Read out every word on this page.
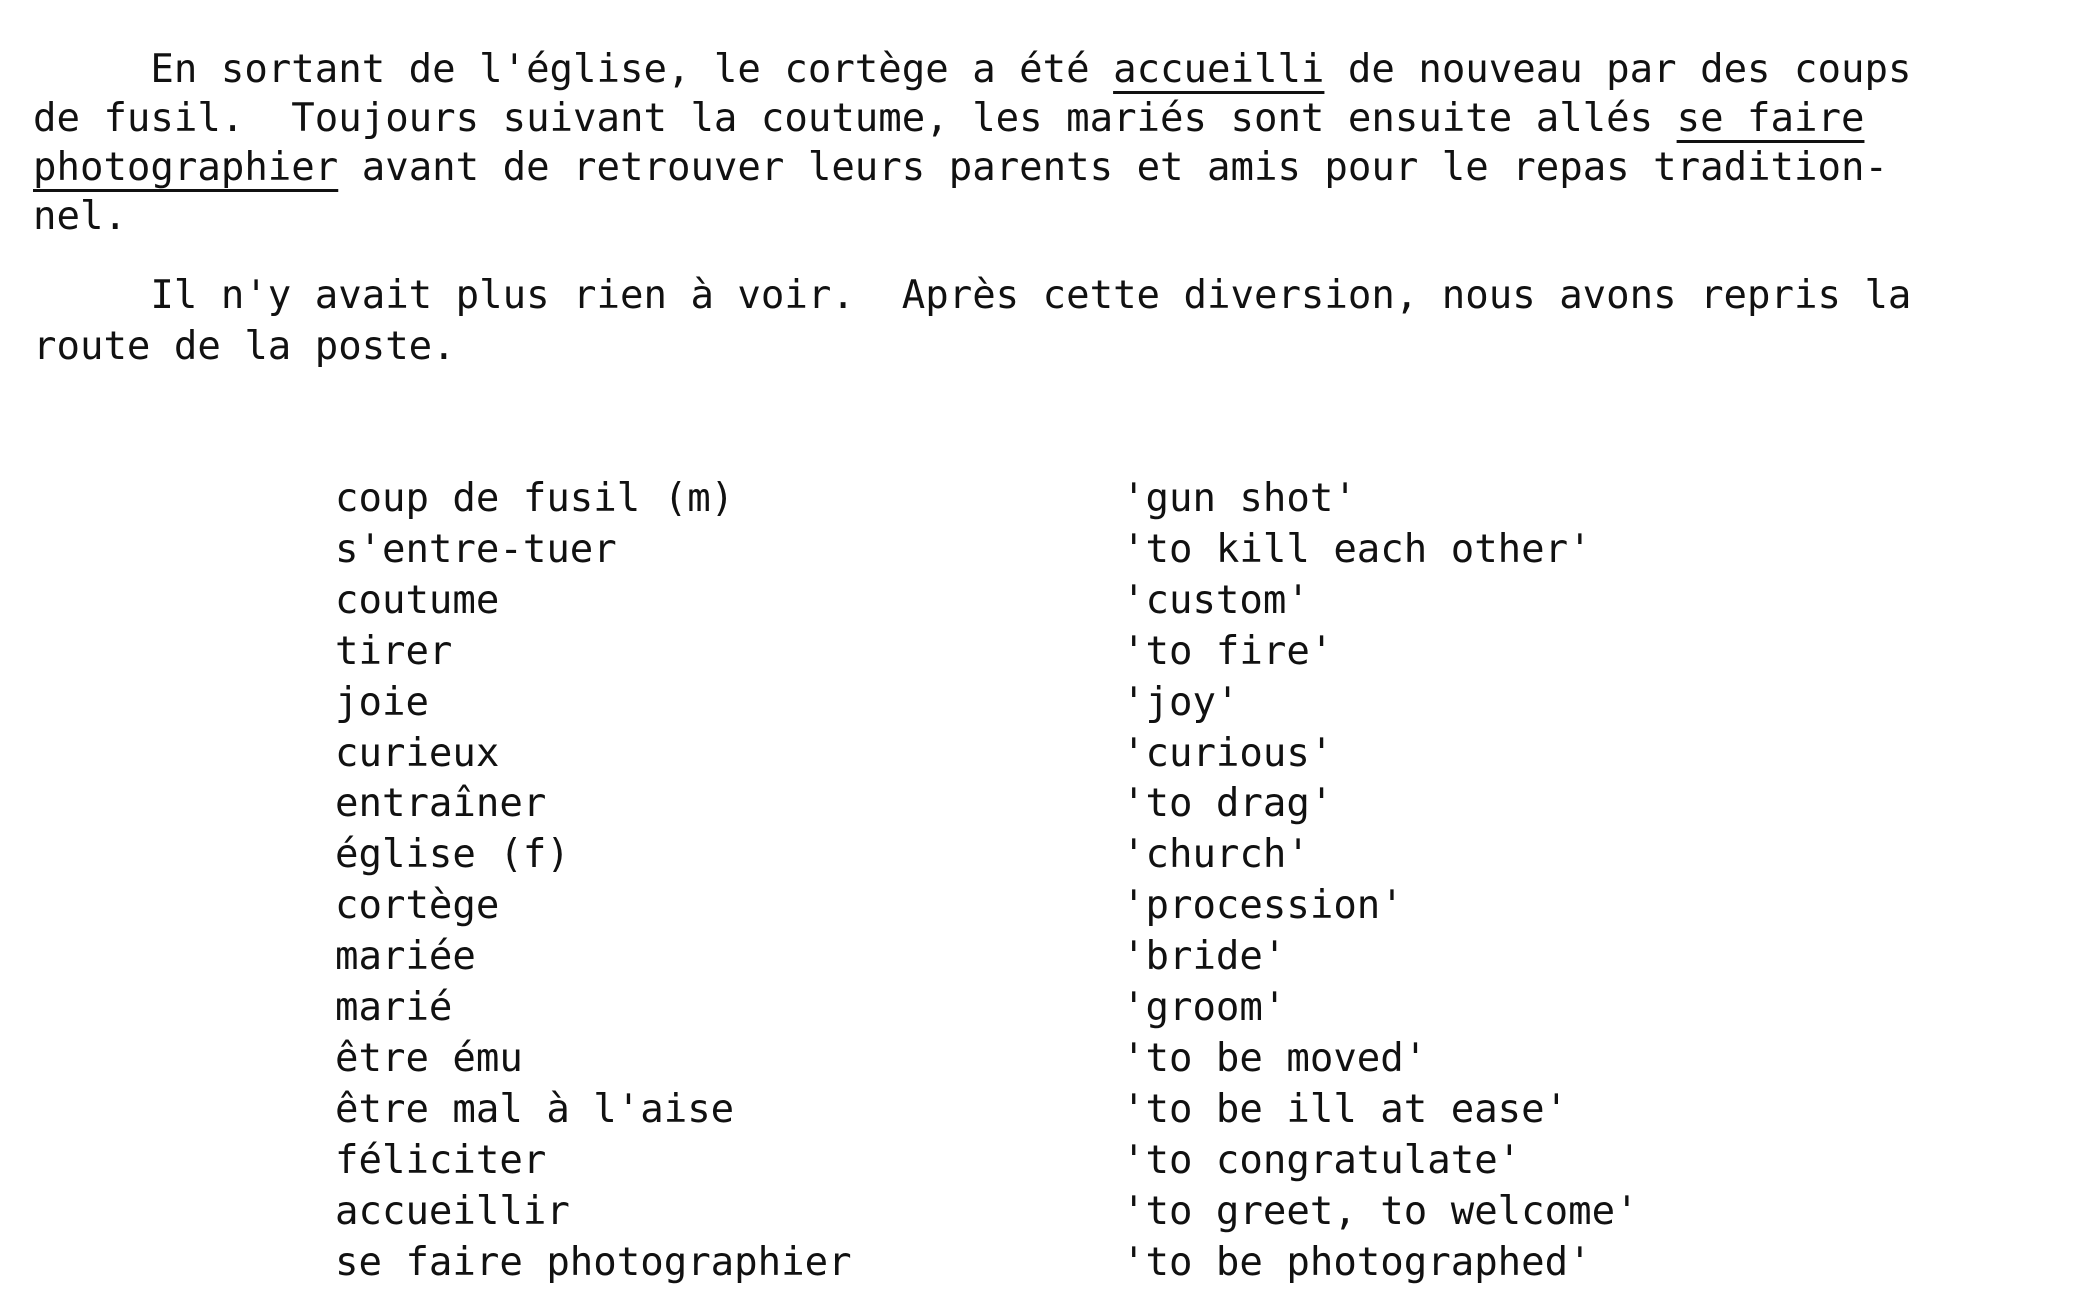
En sortant de l'église, le cortège a été accueilli de nouveau par des coups
de fusil.  Toujours suivant la coutume, les mariés sont ensuite allés se faire
photographier avant de retrouver leurs parents et amis pour le repas tradition-
nel.
Il n'y avait plus rien à voir.  Après cette diversion, nous avons repris la
route de la poste.
coup de fusil (m)	'gun shot'
s'entre-tuer	'to kill each other'
coutume	'custom'
tirer	'to fire'
joie	'joy'
curieux	'curious'
entraîner	'to drag'
église (f)	'church'
cortège	'procession'
mariée	'bride'
marié	'groom'
être ému	'to be moved'
être mal à l'aise	'to be ill at ease'
féliciter	'to congratulate'
accueillir	'to greet, to welcome'
se faire photographier	'to be photographed'
